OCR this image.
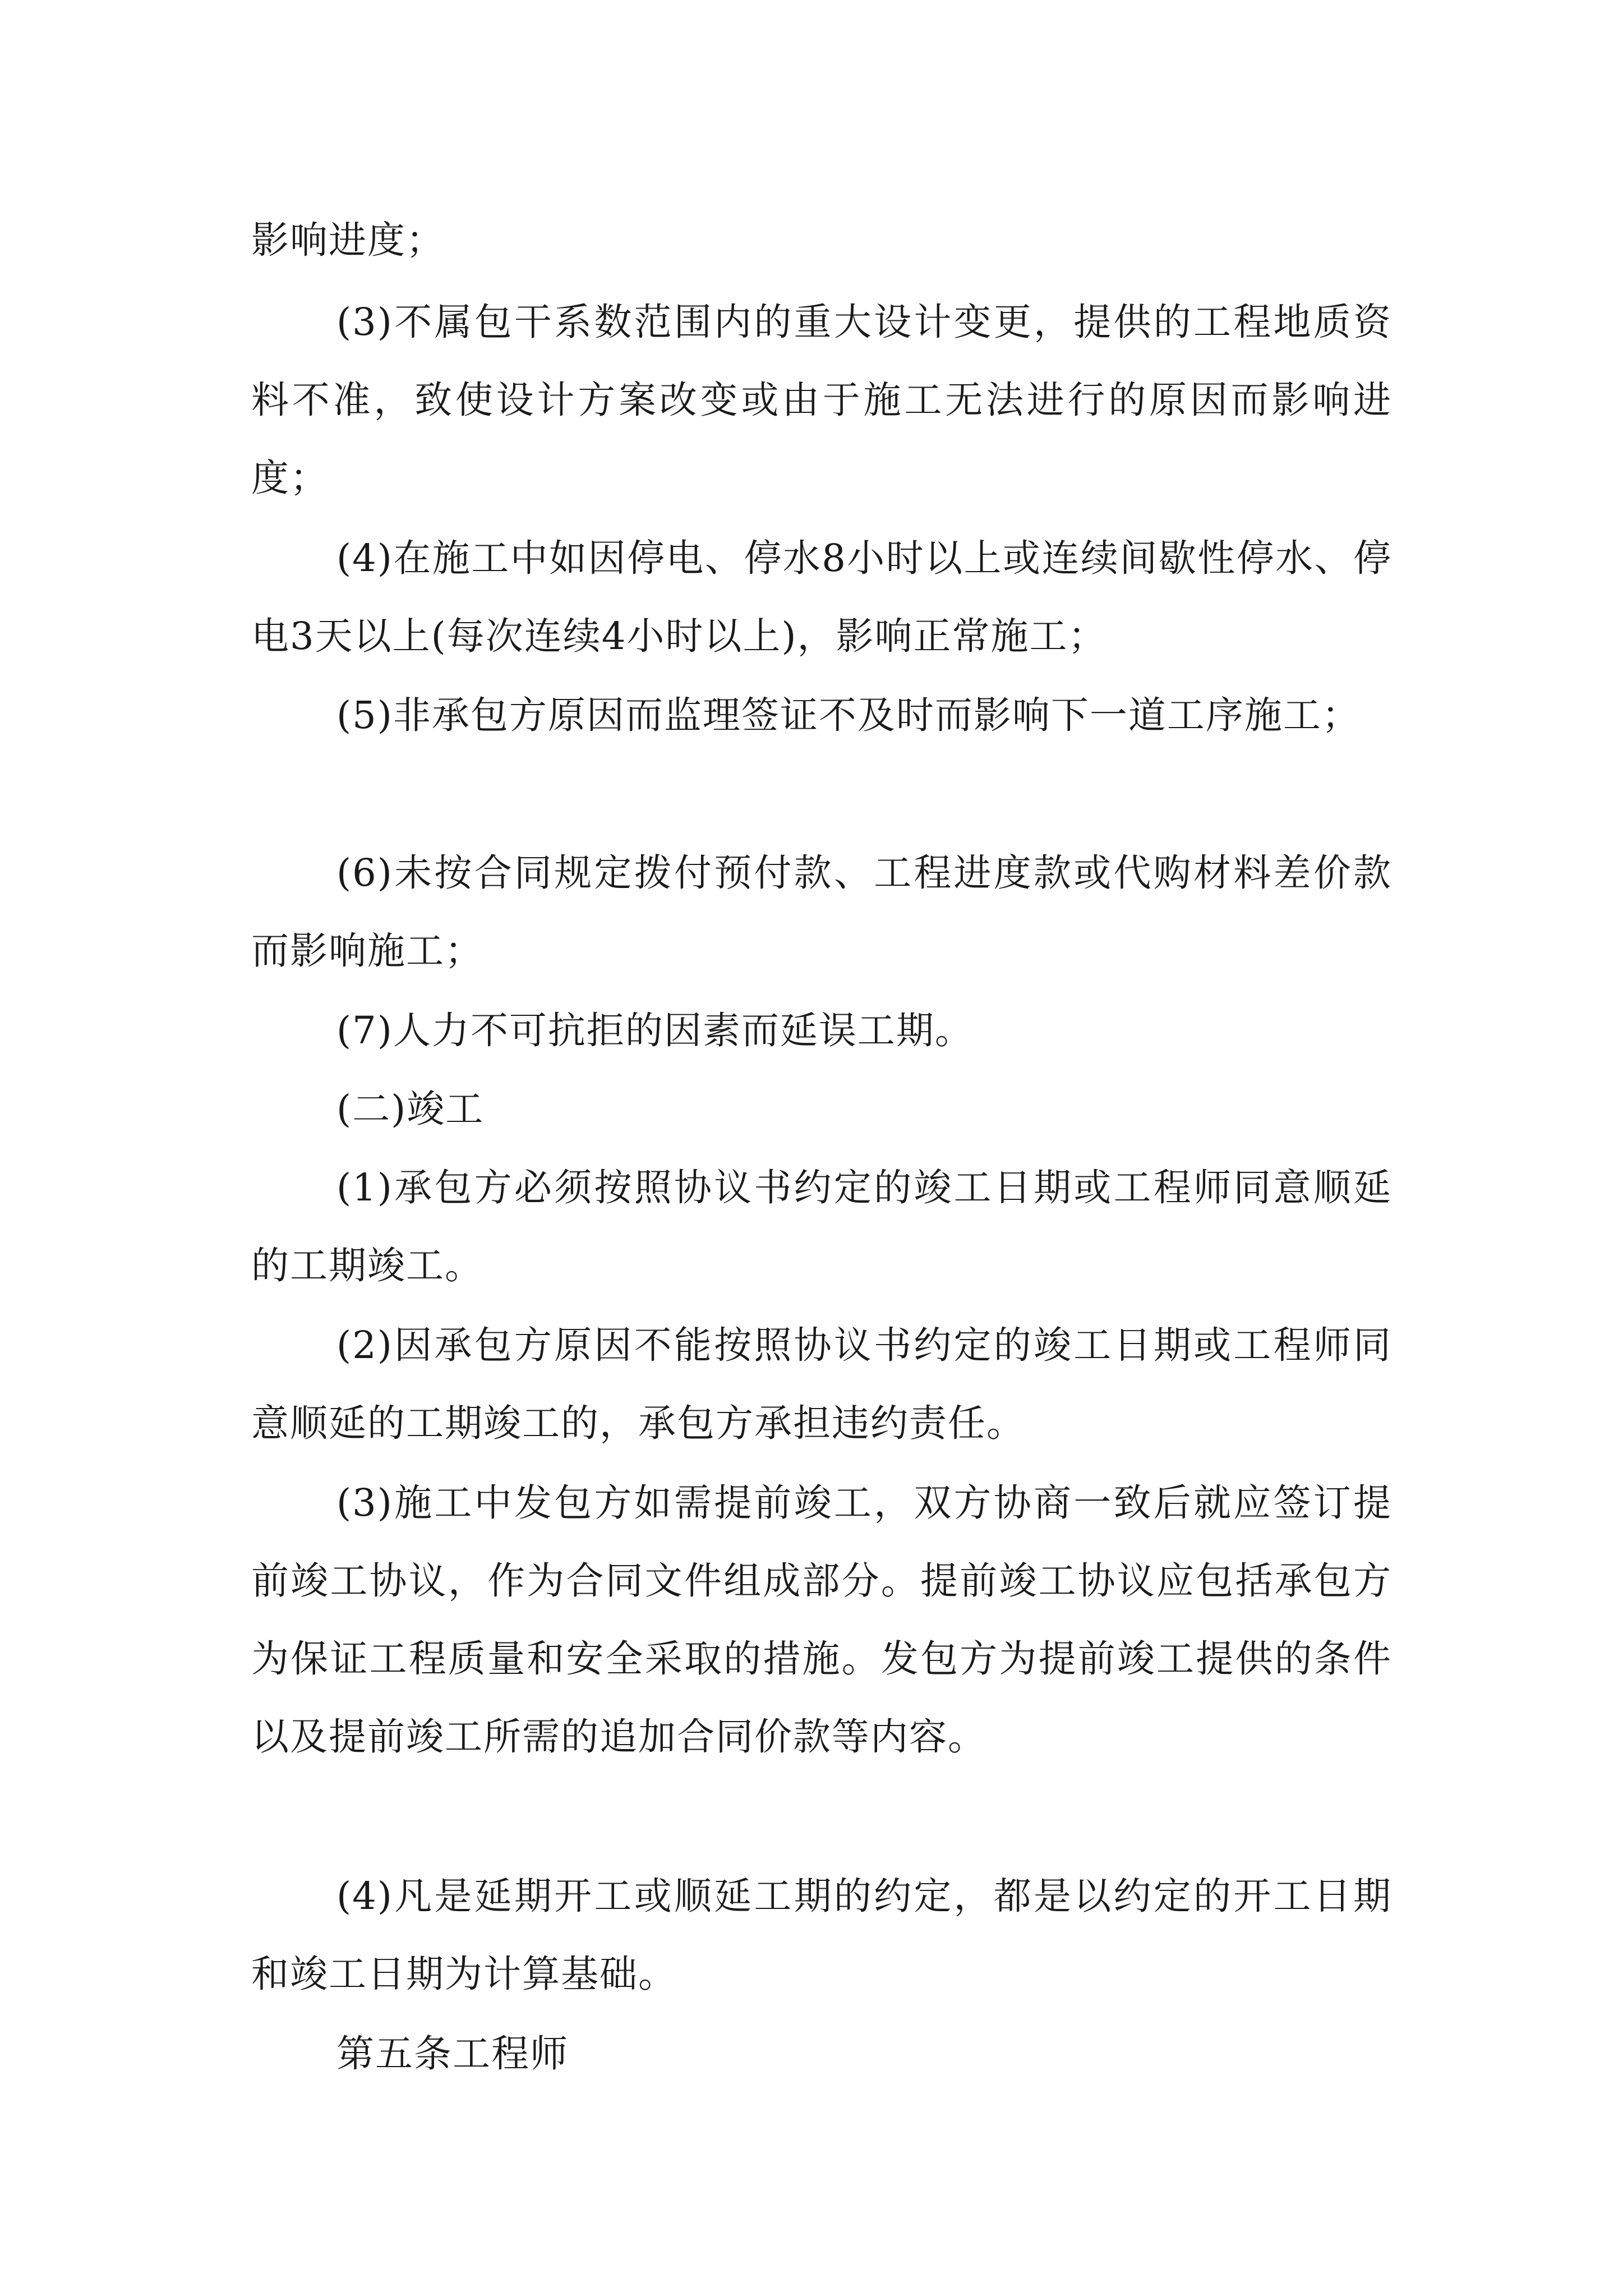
影响进度；

(3)不属包干系数范围内的重大设计变更，提供的工程地质资料不准，致使设计方案改变或由于施工无法进行的原因而影响进度；

(4)在施工中如因停电、停水8小时以上或连续间歇性停水、停电3天以上(每次连续4小时以上)，影响正常施工；

(5)非承包方原因而监理签证不及时而影响下一道工序施工；

(6)未按合同规定拨付预付款、工程进度款或代购材料差价款而影响施工；

(7)人力不可抗拒的因素而延误工期。

(二)竣工

(1)承包方必须按照协议书约定的竣工日期或工程师同意顺延的工期竣工。

(2)因承包方原因不能按照协议书约定的竣工日期或工程师同意顺延的工期竣工的，承包方承担违约责任。

(3)施工中发包方如需提前竣工，双方协商一致后就应签订提前竣工协议，作为合同文件组成部分。提前竣工协议应包括承包方为保证工程质量和安全采取的措施。发包方为提前竣工提供的条件以及提前竣工所需的追加合同价款等内容。

(4)凡是延期开工或顺延工期的约定，都是以约定的开工日期和竣工日期为计算基础。

第五条工程师
